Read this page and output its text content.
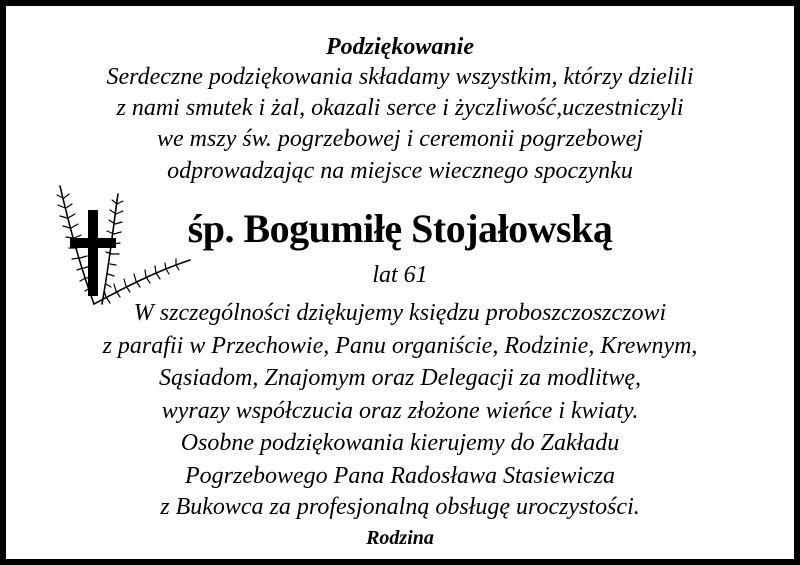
Podziękowanie
Serdeczne podziękowania składamy wszystkim, którzy dzielili
z nami smutek i żal, okazali serce i życzliwość,uczestniczyli
we mszy św. pogrzebowej i ceremonii pogrzebowej
odprowadzając na miejsce wiecznego spoczynku
śp. Bogumiłę Stojałowską
lat 61
W szczególności dziękujemy księdzu proboszczoszczowi
z parafii w Przechowie, Panu organiście, Rodzinie, Krewnym,
Sąsiadom, Znajomym oraz Delegacji za modlitwę,
wyrazy współczucia oraz złożone wieńce i kwiaty.
Osobne podziękowania kierujemy do Zakładu
Pogrzebowego Pana Radosława Stasiewicza
z Bukowca za profesjonalną obsługę uroczystości.
Rodzina
